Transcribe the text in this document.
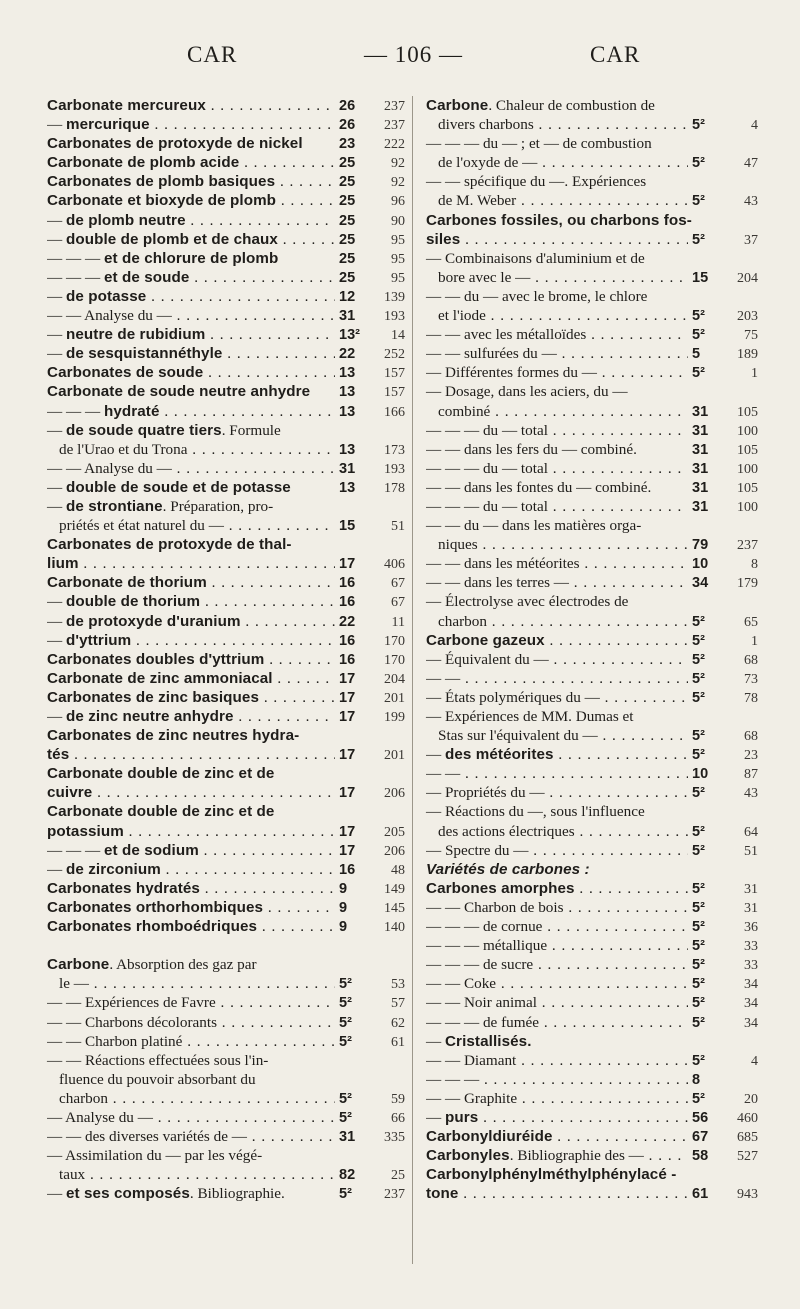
CAR	— 106 —	CAR
Carbonate mercureux . . .	26	237
— mercurique . . .	26	237
Carbonates de protoxyde de nickel	23	222
Carbonate de plomb acide . . .	25	92
Carbonates de plomb basiques . . .	25	92
Carbonate et bioxyde de plomb . . .	25	96
— de plomb neutre . . .	25	90
— double de plomb et de chaux . . .	25	95
— — — et de chlorure de plomb	25	95
— — — et de soude . . .	25	95
— de potasse . . .	12	139
— — Analyse du — . . .	31	193
— neutre de rubidium . . .	13²	14
— de sesquistannéthyle . . .	22	252
Carbonates de soude . . .	13	157
Carbonate de soude neutre anhydre	13	157
— — — hydraté . . .	13	166
— de soude quatre tiers. Formule
de l'Urao et du Trona . . .	13	173
— — Analyse du — . . .	31	193
— double de soude et de potasse	13	178
— de strontiane. Préparation, pro-
priétés et état naturel du — . . .	15	51
Carbonates de protoxyde de thal-
lium . . .	17	406
Carbonate de thorium . . .	16	67
— double de thorium . . .	16	67
— de protoxyde d'uranium . . .	22	11
— d'yttrium . . .	16	170
Carbonates doubles d'yttrium . . .	16	170
Carbonate de zinc ammoniacal . . .	17	204
Carbonates de zinc basiques . . .	17	201
— de zinc neutre anhydre . . .	17	199
Carbonates de zinc neutres hydra-
tés . . .	17	201
Carbonate double de zinc et de
cuivre . . .	17	206
Carbonate double de zinc et de
potassium . . .	17	205
— — — et de sodium . . .	17	206
— de zirconium . . .	16	48
Carbonates hydratés . . .	9	149
Carbonates orthorhombiques . . .	9	145
Carbonates rhomboédriques . . .	9	140
Carbone. Absorption des gaz par
le — . . .	5²	53
— — Expériences de Favre . . .	5²	57
— — Charbons décolorants . . .	5²	62
— — Charbon platiné . . .	5²	61
— — Réactions effectuées sous l'in-
fluence du pouvoir absorbant du
charbon . . .	5²	59
— Analyse du — . . .	5²	66
— — des diverses variétés de — . . .	31	335
— Assimilation du — par les végé-
taux . . .	82	25
— et ses composés. Bibliographie.	5²	237
Carbone. Chaleur de combustion de
divers charbons . . .	5²	4
— — — du — ; et — de combustion
de l'oxyde de — . . .	5²	47
— — spécifique du —. Expériences
de M. Weber . . .	5²	43
Carbones fossiles, ou charbons fos-
siles . . .	5²	37
— Combinaisons d'aluminium et de
bore avec le — . . .	15	204
— — du — avec le brome, le chlore
et l'iode . . .	5²	203
— — avec les métalloïdes . . .	5²	75
— — sulfurées du — . . .	5	189
— Différentes formes du — . . .	5²	1
— Dosage, dans les aciers, du —
combiné . . .	31	105
— — — du — total . . .	31	100
— — dans les fers du — combiné.	31	105
— — — du — total . . .	31	100
— — dans les fontes du — combiné.	31	105
— — — du — total . . .	31	100
— — du — dans les matières orga-
niques . . .	79	237
— — dans les météorites . . .	10	8
— — dans les terres — . . .	34	179
— Électrolyse avec électrodes de
charbon . . .	5²	65
Carbone gazeux . . .	5²	1
— Équivalent du — . . .	5²	68
— — . . .	5²	73
— États polymériques du — . . .	5²	78
— Expériences de MM. Dumas et
Stas sur l'équivalent du — . . .	5²	68
— des météorites . . .	5²	23
— — . . .	10	87
— Propriétés du — . . .	5²	43
— Réactions du —, sous l'influence
des actions électriques . . .	5²	64
— Spectre du — . . .	5²	51
Variétés de carbones :
Carbones amorphes . . .	5²	31
— — Charbon de bois . . .	5²	31
— — — de cornue . . .	5²	36
— — — métallique . . .	5²	33
— — — de sucre . . .	5²	33
— — Coke . . .	5²	34
— — Noir animal . . .	5²	34
— — — de fumée . . .	5²	34
— Cristallisés.
— — Diamant . . .	5²	4
— — — . . .	8
— — Graphite . . .	5²	20
— purs . . .	56	460
Carbonyldiuréide . . .	67	685
Carbonyles. Bibliographie des — . . .	58	527
Carbonylphénylméthylphénylacé -
tone . . .	61	943
